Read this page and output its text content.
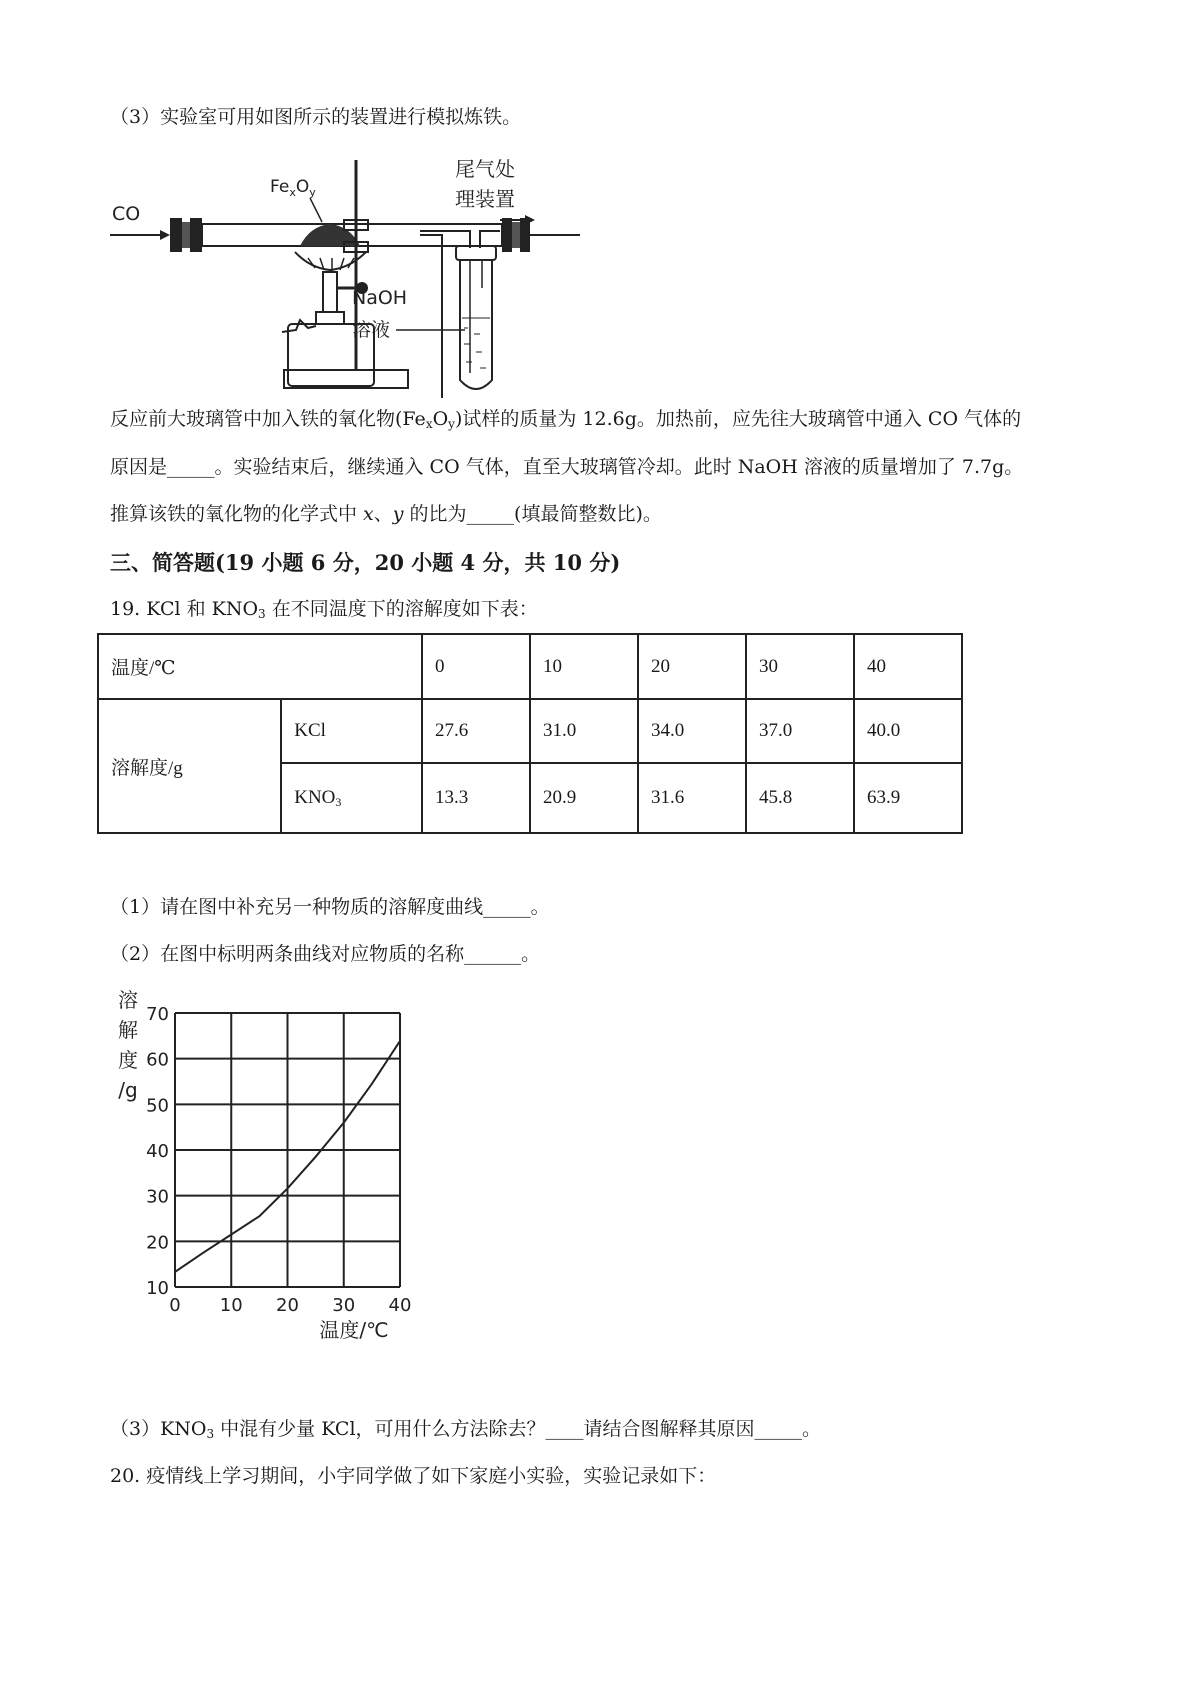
（3）实验室可用如图所示的装置进行模拟炼铁。
CO
$Fe_xO_y$
尾气处
理装置
NaOH
溶液
反应前大玻璃管中加入铁的氧化物$(Fe_xO_y)$试样的质量为 12.6g。加热前，应先往大玻璃管中通入 CO 气体的
原因是_____。实验结束后，继续通入 CO 气体，直至大玻璃管冷却。此时 NaOH 溶液的质量增加了 7.7g。
推算该铁的氧化物的化学式中 x、y 的比为_____(填最简整数比)。
三、简答题(19 小题 6 分，20 小题 4 分，共 10 分)
19. KCl 和 $KNO_3$ 在不同温度下的溶解度如下表：
温度/℃		0	10	20	30	40
溶解度/g	KCl	27.6	31.0	34.0	37.0	40.0
	$KNO_3$	13.3	20.9	31.6	45.8	63.9
（1）请在图中补充另一种物质的溶解度曲线_____。
（2）在图中标明两条曲线对应物质的名称______。
10
20
30
40
50
60
70
0 10 20 30 40
溶
解
度
/g
温度/℃
$(3)KNO_3$ 中混有少量 KCl，可用什么方法除去？____请结合图解释其原因_____。
20. 疫情线上学习期间，小宇同学做了如下家庭小实验，实验记录如下：
